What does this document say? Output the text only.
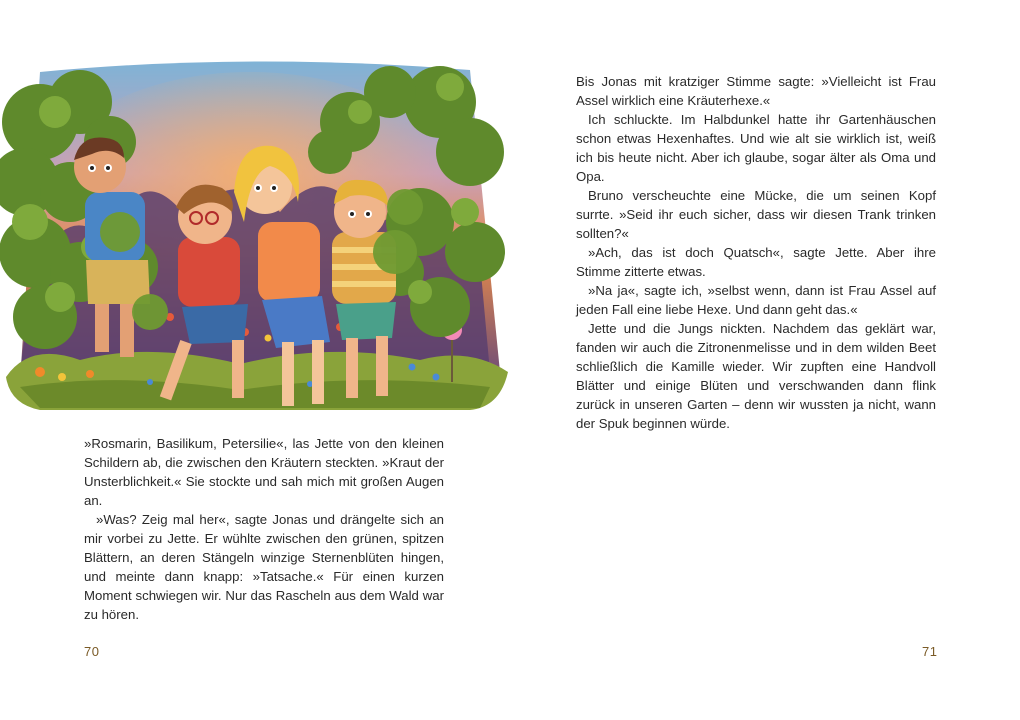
»Rosmarin, Basilikum, Petersilie«, las Jette von den kleinen Schildern ab, die zwischen den Kräutern steckten. »Kraut der Unsterblichkeit.« Sie stockte und sah mich mit großen Augen an.

»Was? Zeig mal her«, sagte Jonas und drängelte sich an mir vorbei zu Jette. Er wühlte zwischen den grünen, spitzen Blättern, an deren Stängeln winzige Sternenblüten hingen, und meinte dann knapp: »Tatsache.« Für einen kurzen Moment schwiegen wir. Nur das Rascheln aus dem Wald war zu hören.

Bis Jonas mit kratziger Stimme sagte: »Vielleicht ist Frau Assel wirklich eine Kräuterhexe.«

Ich schluckte. Im Halbdunkel hatte ihr Gartenhäuschen schon etwas Hexenhaftes. Und wie alt sie wirklich ist, weiß ich bis heute nicht. Aber ich glaube, sogar älter als Oma und Opa.

Bruno verscheuchte eine Mücke, die um seinen Kopf surrte. »Seid ihr euch sicher, dass wir diesen Trank trinken sollten?«

»Ach, das ist doch Quatsch«, sagte Jette. Aber ihre Stimme zitterte etwas.

»Na ja«, sagte ich, »selbst wenn, dann ist Frau Assel auf jeden Fall eine liebe Hexe. Und dann geht das.«

Jette und die Jungs nickten. Nachdem das geklärt war, fanden wir auch die Zitronenmelisse und in dem wilden Beet schließlich die Kamille wieder. Wir zupften eine Handvoll Blätter und einige Blüten und verschwanden dann flink zurück in unseren Garten – denn wir wussten ja nicht, wann der Spuk beginnen würde.

70	71
